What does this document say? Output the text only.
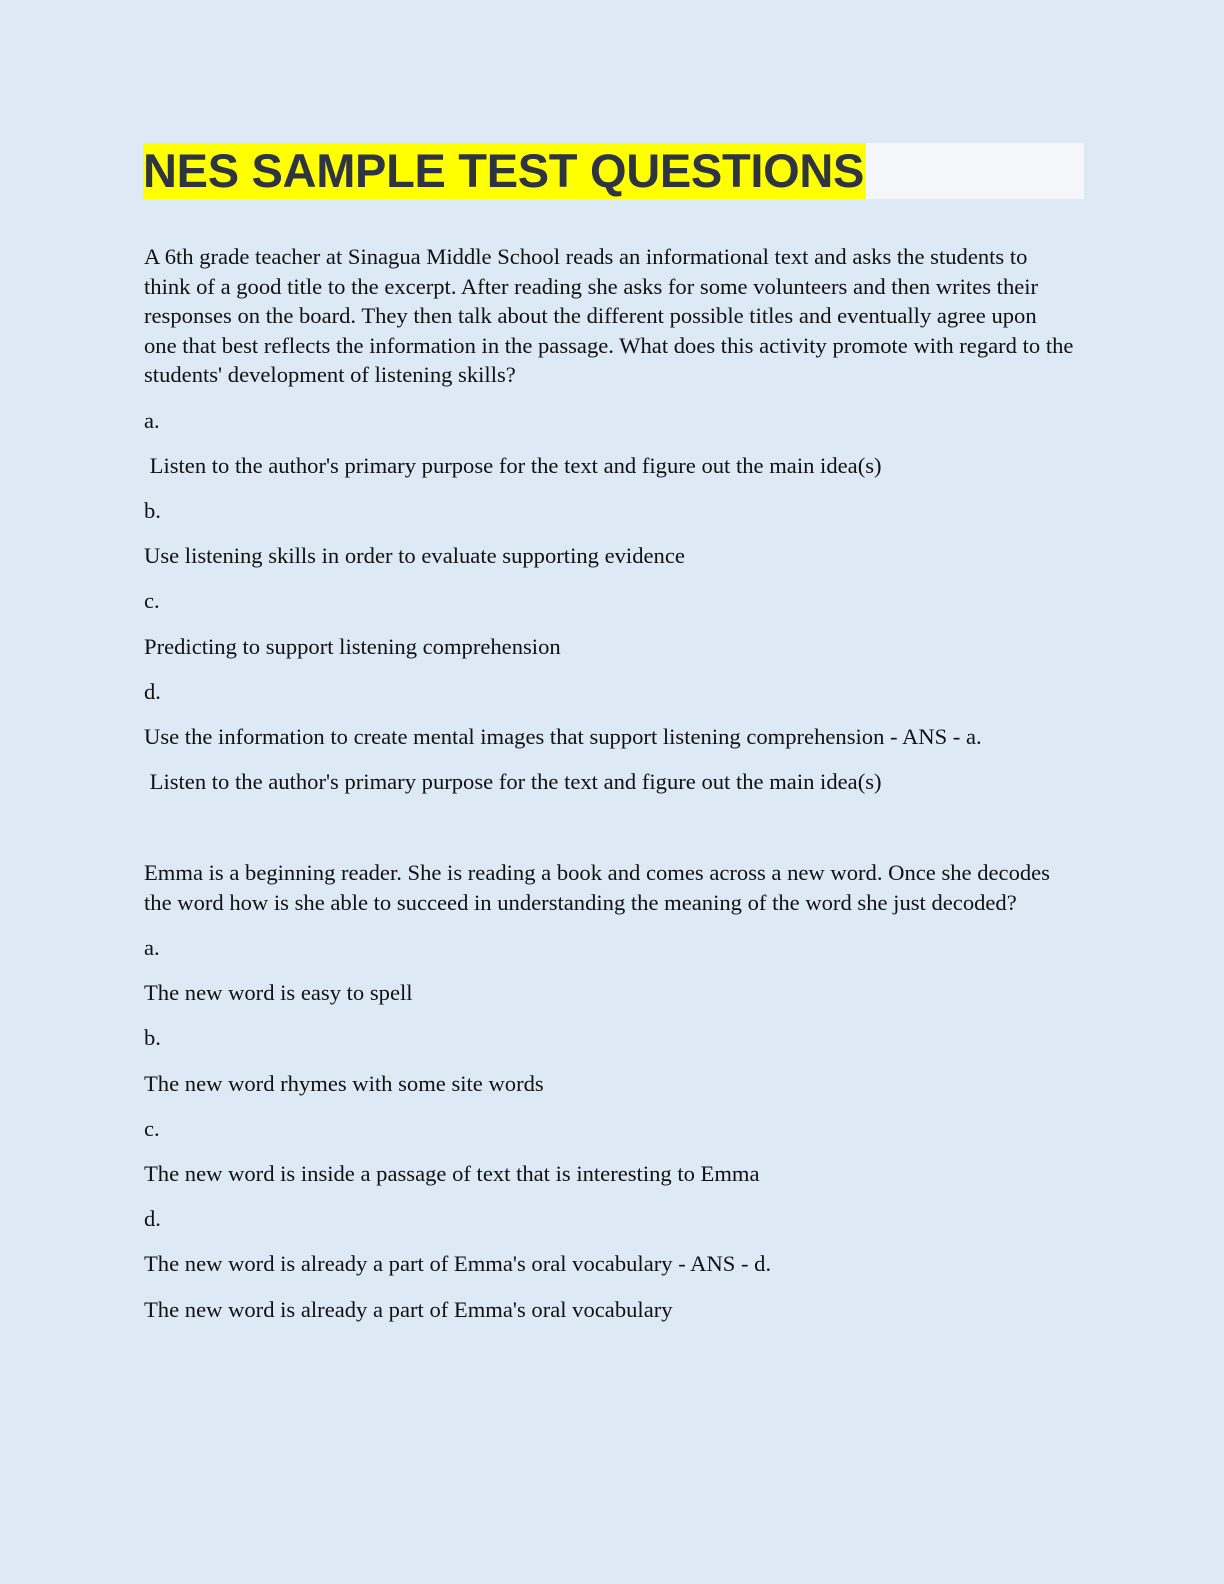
NES SAMPLE TEST QUESTIONS

A 6th grade teacher at Sinagua Middle School reads an informational text and asks the students to think of a good title to the excerpt. After reading she asks for some volunteers and then writes their responses on the board. They then talk about the different possible titles and eventually agree upon one that best reflects the information in the passage. What does this activity promote with regard to the students' development of listening skills?

a.

Listen to the author's primary purpose for the text and figure out the main idea(s)

b.

Use listening skills in order to evaluate supporting evidence

c.

Predicting to support listening comprehension

d.

Use the information to create mental images that support listening comprehension - ANS - a.

Listen to the author's primary purpose for the text and figure out the main idea(s)

Emma is a beginning reader. She is reading a book and comes across a new word. Once she decodes the word how is she able to succeed in understanding the meaning of the word she just decoded?

a.

The new word is easy to spell

b.

The new word rhymes with some site words

c.

The new word is inside a passage of text that is interesting to Emma

d.

The new word is already a part of Emma's oral vocabulary - ANS - d.

The new word is already a part of Emma's oral vocabulary
